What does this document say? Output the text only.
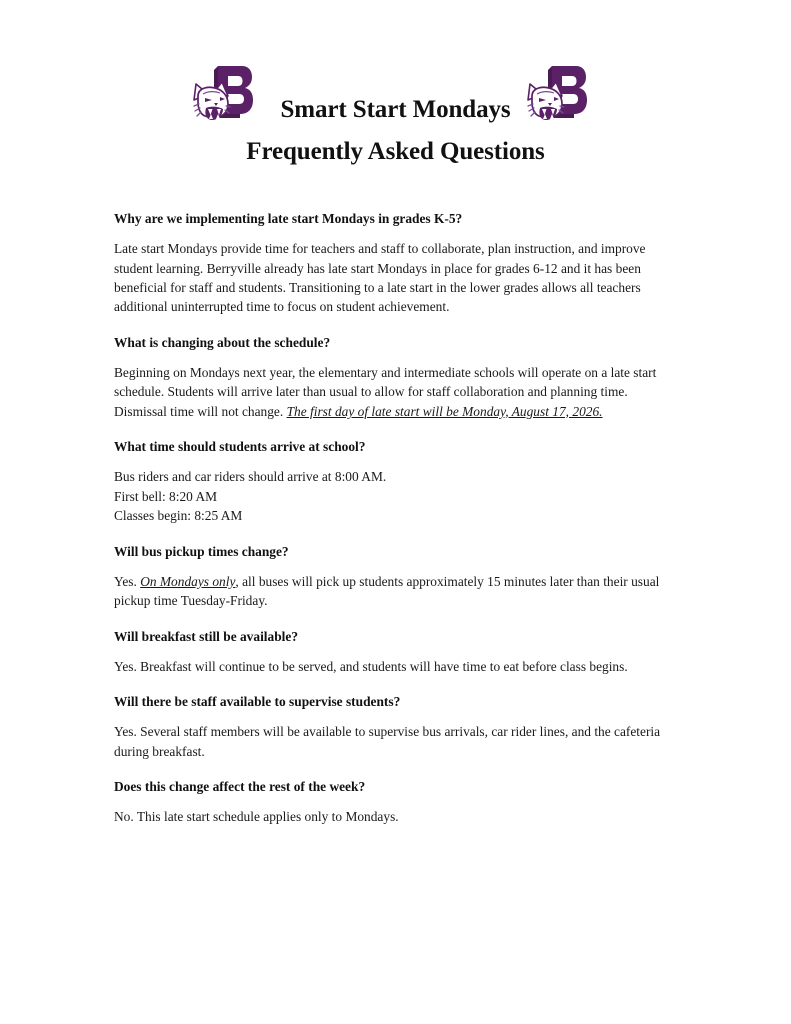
Smart Start Mondays
Frequently Asked Questions

Why are we implementing late start Mondays in grades K-5?

Late start Mondays provide time for teachers and staff to collaborate, plan instruction, and improve student learning. Berryville already has late start Mondays in place for grades 6-12 and it has been beneficial for staff and students. Transitioning to a late start in the lower grades allows all teachers additional uninterrupted time to focus on student achievement.

What is changing about the schedule?

Beginning on Mondays next year, the elementary and intermediate schools will operate on a late start schedule. Students will arrive later than usual to allow for staff collaboration and planning time. Dismissal time will not change. The first day of late start will be Monday, August 17, 2026.

What time should students arrive at school?

Bus riders and car riders should arrive at 8:00 AM.
First bell: 8:20 AM
Classes begin: 8:25 AM

Will bus pickup times change?

Yes. On Mondays only, all buses will pick up students approximately 15 minutes later than their usual pickup time Tuesday-Friday.

Will breakfast still be available?

Yes. Breakfast will continue to be served, and students will have time to eat before class begins.

Will there be staff available to supervise students?

Yes. Several staff members will be available to supervise bus arrivals, car rider lines, and the cafeteria during breakfast.

Does this change affect the rest of the week?

No. This late start schedule applies only to Mondays.
